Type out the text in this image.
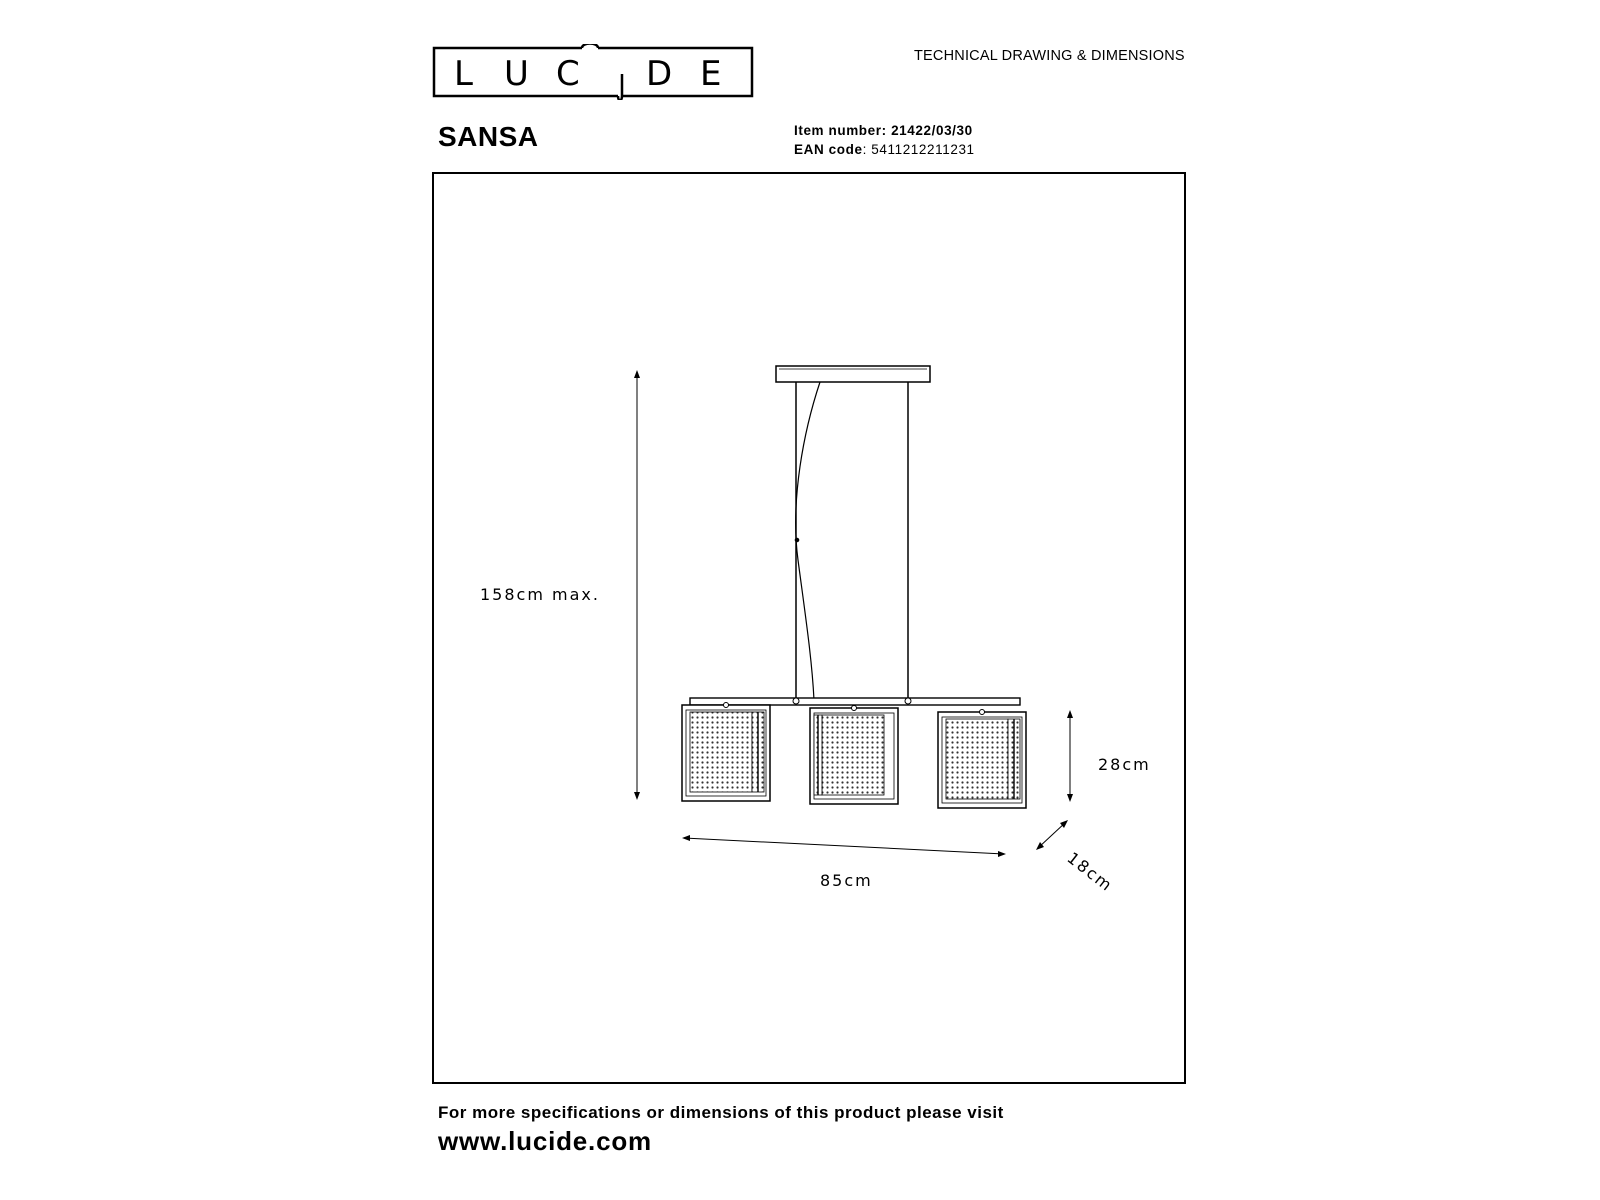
L U C D E	TECHNICAL DRAWING & DIMENSIONS
SANSA	Item number: 21422/03/30
EAN code: 5411212211231
158cm max.
28cm
85cm	18cm
For more specifications or dimensions of this product please visit
www.lucide.com
